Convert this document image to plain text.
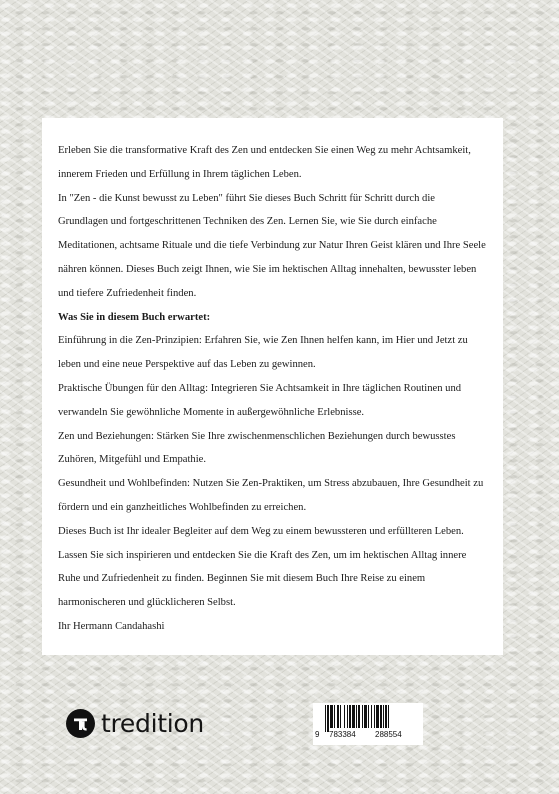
Erleben Sie die transformative Kraft des Zen und entdecken Sie einen Weg zu mehr Achtsamkeit, innerem Frieden und Erfüllung in Ihrem täglichen Leben.

In "Zen - die Kunst bewusst zu Leben" führt Sie dieses Buch Schritt für Schritt durch die Grundlagen und fortgeschrittenen Techniken des Zen. Lernen Sie, wie Sie durch einfache Meditationen, achtsame Rituale und die tiefe Verbindung zur Natur Ihren Geist klären und Ihre Seele nähren können. Dieses Buch zeigt Ihnen, wie Sie im hektischen Alltag innehalten, bewusster leben und tiefere Zufriedenheit finden.

Was Sie in diesem Buch erwartet:

Einführung in die Zen-Prinzipien: Erfahren Sie, wie Zen Ihnen helfen kann, im Hier und Jetzt zu leben und eine neue Perspektive auf das Leben zu gewinnen.

Praktische Übungen für den Alltag: Integrieren Sie Achtsamkeit in Ihre täglichen Routinen und verwandeln Sie gewöhnliche Momente in außergewöhnliche Erlebnisse.

Zen und Beziehungen: Stärken Sie Ihre zwischenmenschlichen Beziehungen durch bewusstes Zuhören, Mitgefühl und Empathie.

Gesundheit und Wohlbefinden: Nutzen Sie Zen-Praktiken, um Stress abzubauen, Ihre Gesundheit zu fördern und ein ganzheitliches Wohlbefinden zu erreichen.

Dieses Buch ist Ihr idealer Begleiter auf dem Weg zu einem bewussteren und erfüllteren Leben. Lassen Sie sich inspirieren und entdecken Sie die Kraft des Zen, um im hektischen Alltag innere Ruhe und Zufriedenheit zu finden. Beginnen Sie mit diesem Buch Ihre Reise zu einem harmonischeren und glücklicheren Selbst.

Ihr Hermann Candahashi

tredition	9 783384 288554
